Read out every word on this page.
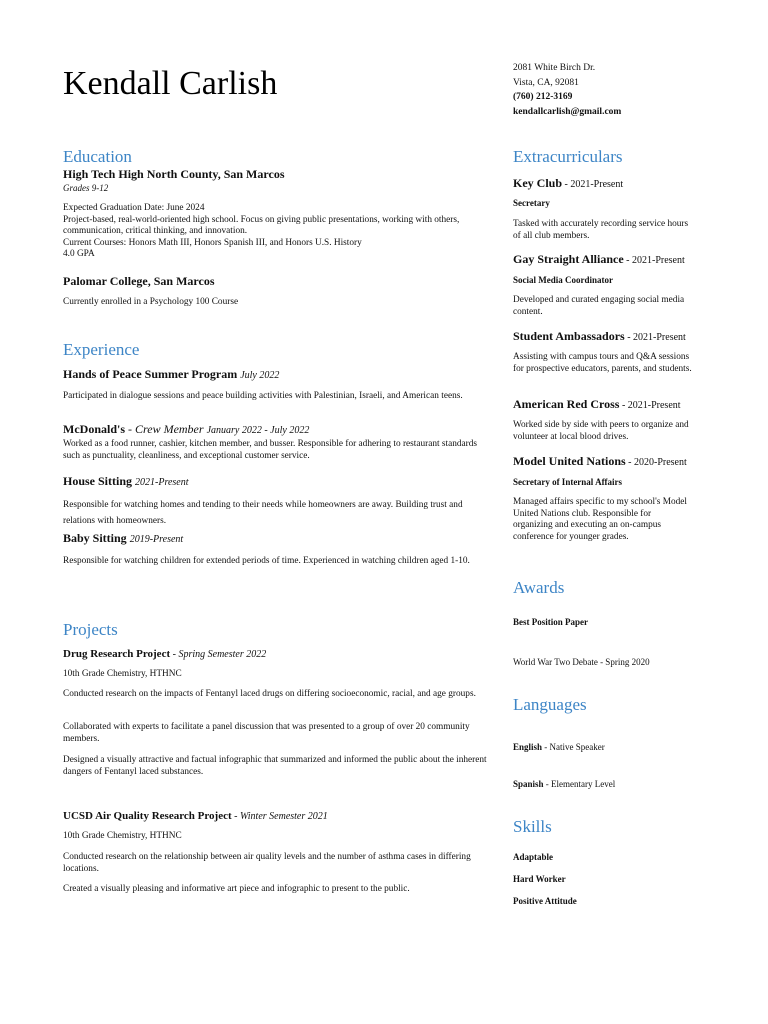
Kendall Carlish	2081 White Birch Dr.
Vista, CA, 92081
(760) 212-3169
kendallcarlish@gmail.com
Education
High Tech High North County, San Marcos
Grades 9-12
Expected Graduation Date: June 2024
Project-based, real-world-oriented high school. Focus on giving public presentations, working with others, communication, critical thinking, and innovation.
Current Courses: Honors Math III, Honors Spanish III, and Honors U.S. History
4.0 GPA
Palomar College, San Marcos
Currently enrolled in a Psychology 100 Course
Experience
Hands of Peace Summer Program July 2022
Participated in dialogue sessions and peace building activities with Palestinian, Israeli, and American teens.
McDonald's - Crew Member January 2022 - July 2022
Worked as a food runner, cashier, kitchen member, and busser. Responsible for adhering to restaurant standards such as punctuality, cleanliness, and exceptional customer service.
House Sitting 2021-Present
Responsible for watching homes and tending to their needs while homeowners are away. Building trust and relations with homeowners.
Baby Sitting 2019-Present
Responsible for watching children for extended periods of time. Experienced in watching children aged 1-10.
Projects
Drug Research Project - Spring Semester 2022
10th Grade Chemistry, HTHNC
Conducted research on the impacts of Fentanyl laced drugs on differing socioeconomic, racial, and age groups.
Collaborated with experts to facilitate a panel discussion that was presented to a group of over 20 community members.
Designed a visually attractive and factual infographic that summarized and informed the public about the inherent dangers of Fentanyl laced substances.
UCSD Air Quality Research Project - Winter Semester 2021
10th Grade Chemistry, HTHNC
Conducted research on the relationship between air quality levels and the number of asthma cases in differing locations.
Created a visually pleasing and informative art piece and infographic to present to the public.
Extracurriculars
Key Club - 2021-Present
Secretary
Tasked with accurately recording service hours of all club members.
Gay Straight Alliance - 2021-Present
Social Media Coordinator
Developed and curated engaging social media content.
Student Ambassadors - 2021-Present
Assisting with campus tours and Q&A sessions for prospective educators, parents, and students.
American Red Cross - 2021-Present
Worked side by side with peers to organize and volunteer at local blood drives.
Model United Nations - 2020-Present
Secretary of Internal Affairs
Managed affairs specific to my school's Model United Nations club. Responsible for organizing and executing an on-campus conference for younger grades.
Awards
Best Position Paper
World War Two Debate - Spring 2020
Languages
English - Native Speaker
Spanish - Elementary Level
Skills
Adaptable
Hard Worker
Positive Attitude
